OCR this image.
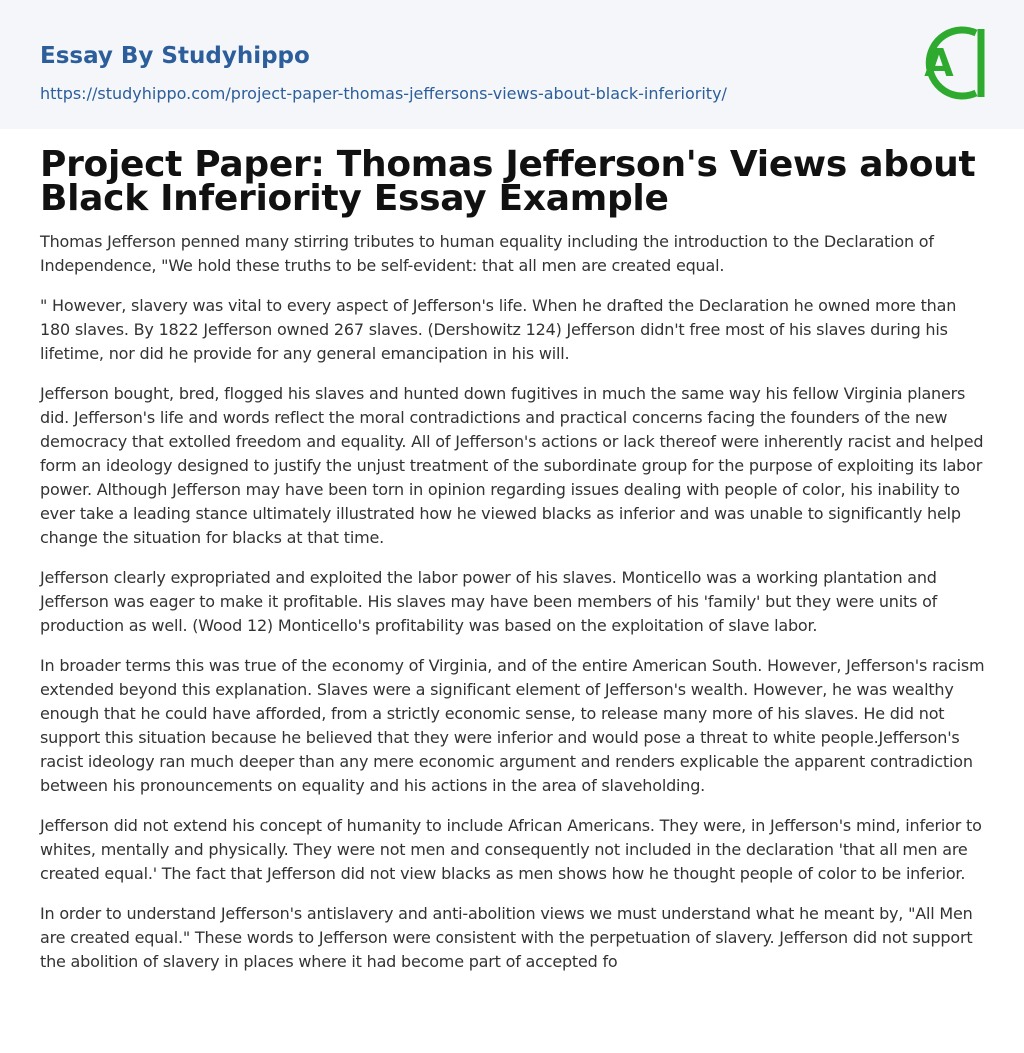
Essay By Studyhippo
https://studyhippo.com/project-paper-thomas-jeffersons-views-about-black-inferiority/
A
Project Paper: Thomas Jefferson's Views about Black Inferiority Essay Example

Thomas Jefferson penned many stirring tributes to human equality including the introduction to the Declaration of Independence, "We hold these truths to be self-evident: that all men are created equal.

" However, slavery was vital to every aspect of Jefferson's life. When he drafted the Declaration he owned more than 180 slaves. By 1822 Jefferson owned 267 slaves. (Dershowitz 124) Jefferson didn't free most of his slaves during his lifetime, nor did he provide for any general emancipation in his will.

Jefferson bought, bred, flogged his slaves and hunted down fugitives in much the same way his fellow Virginia planers did. Jefferson's life and words reflect the moral contradictions and practical concerns facing the founders of the new democracy that extolled freedom and equality. All of Jefferson's actions or lack thereof were inherently racist and helped form an ideology designed to justify the unjust treatment of the subordinate group for the purpose of exploiting its labor power. Although Jefferson may have been torn in opinion regarding issues dealing with people of color, his inability to ever take a leading stance ultimately illustrated how he viewed blacks as inferior and was unable to significantly help change the situation for blacks at that time.

Jefferson clearly expropriated and exploited the labor power of his slaves. Monticello was a working plantation and Jefferson was eager to make it profitable. His slaves may have been members of his 'family' but they were units of production as well. (Wood 12) Monticello's profitability was based on the exploitation of slave labor.

In broader terms this was true of the economy of Virginia, and of the entire American South. However, Jefferson's racism extended beyond this explanation. Slaves were a significant element of Jefferson's wealth. However, he was wealthy enough that he could have afforded, from a strictly economic sense, to release many more of his slaves. He did not support this situation because he believed that they were inferior and would pose a threat to white people.Jefferson's racist ideology ran much deeper than any mere economic argument and renders explicable the apparent contradiction between his pronouncements on equality and his actions in the area of slaveholding.

Jefferson did not extend his concept of humanity to include African Americans. They were, in Jefferson's mind, inferior to whites, mentally and physically. They were not men and consequently not included in the declaration 'that all men are created equal.' The fact that Jefferson did not view blacks as men shows how he thought people of color to be inferior.

In order to understand Jefferson's antislavery and anti-abolition views we must understand what he meant by, "All Men are created equal." These words to Jefferson were consistent with the perpetuation of slavery. Jefferson did not support the abolition of slavery in places where it had become part of accepted fo
